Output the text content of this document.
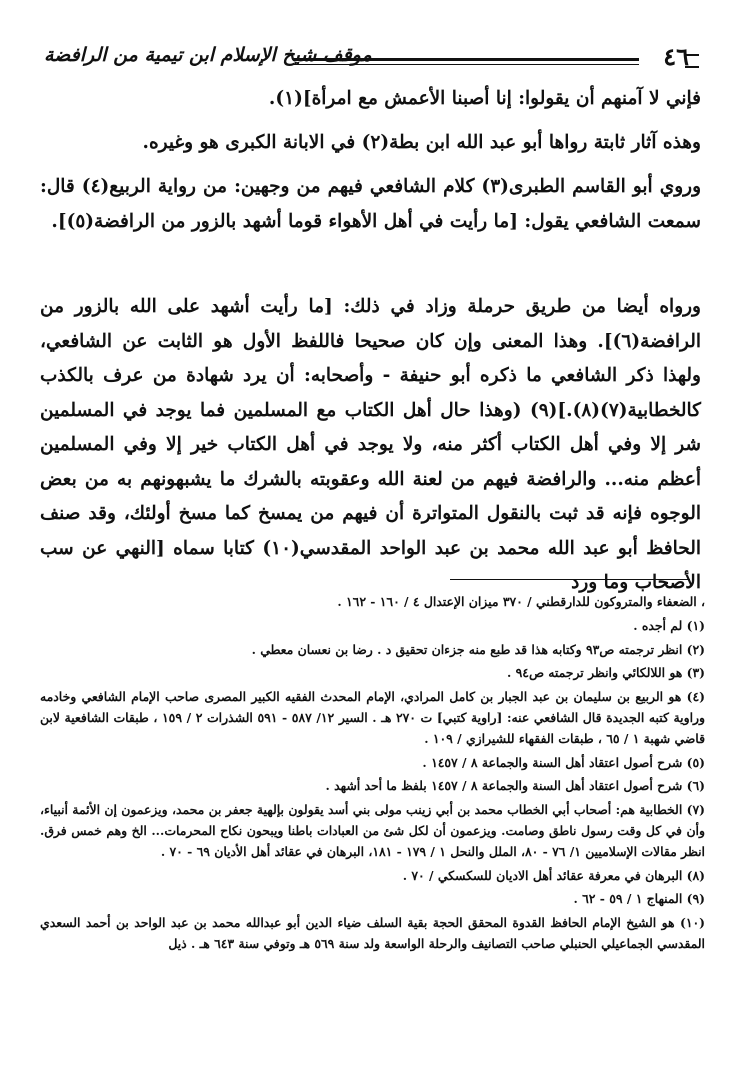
٤٦
موقف شيخ الإسلام ابن تيمية من الرافضة

فإني لا آمنهم أن يقولوا: إنا أصبنا الأعمش مع امرأة](١).

وهذه آثار ثابتة رواها أبو عبد الله ابن بطة(٢) في الابانة الكبرى هو وغيره.

وروي أبو القاسم الطبرى(٣) كلام الشافعي فيهم من وجهين: من رواية الربيع(٤) قال: سمعت الشافعي يقول: [ما رأيت في أهل الأهواء قوما أشهد بالزور من الرافضة(٥)].

ورواه أيضا من طريق حرملة وزاد في ذلك: [ما رأيت أشهد على الله بالزور من الرافضة(٦)]. وهذا المعنى وإن كان صحيحا فاللفظ الأول هو الثابت عن الشافعي، ولهذا ذكر الشافعي ما ذكره أبو حنيفة - وأصحابه: أن يرد شهادة من عرف بالكذب كالخطابية(٧)(٨).](٩) (وهذا حال أهل الكتاب مع المسلمين فما يوجد في المسلمين شر إلا وفي أهل الكتاب أكثر منه، ولا يوجد في أهل الكتاب خير إلا وفي المسلمين أعظم منه... والرافضة فيهم من لعنة الله وعقوبته بالشرك ما يشبهونهم به من بعض الوجوه فإنه قد ثبت بالنقول المتواترة أن فيهم من يمسخ كما مسخ أولئك، وقد صنف الحافظ أبو عبد الله محمد بن عبد الواحد المقدسي(١٠) كتابا سماه [النهي عن سب الأصحاب وما ورد

، الضعفاء والمتروكون للدارقطني / ٣٧٠ ميزان الإعتدال ٤ / ١٦٠ - ١٦٢ .

(١) لم أجده .

(٢) انظر ترجمته ص٩٣ وكتابه هذا قد طبع منه جزءان تحقيق د . رضا بن نعسان معطي .

(٣) هو اللالكائي وانظر ترجمته ص٩٤ .

(٤) هو الربيع بن سليمان بن عبد الجبار بن كامل المرادي، الإمام المحدث الفقيه الكبير المصرى صاحب الإمام الشافعي وخادمه وراوية كتبه الجديدة قال الشافعي عنه: [راوية كتبي] ت ٢٧٠ هـ . السير ١٢/ ٥٨٧ - ٥٩١ الشذرات ٢ / ١٥٩ ، طبقات الشافعية لابن قاضي شهبة ١ / ٦٥ ، طبقات الفقهاء للشيرازي / ١٠٩ .

(٥) شرح أصول اعتقاد أهل السنة والجماعة ٨ / ١٤٥٧ .

(٦) شرح أصول اعتقاد أهل السنة والجماعة ٨ / ١٤٥٧ بلفظ ما أحد أشهد .

(٧) الخطابية هم: أصحاب أبي الخطاب محمد بن أبي زينب مولى بني أسد يقولون بإلهية جعفر بن محمد، ويزعمون إن الأئمة أنبياء، وأن في كل وقت رسول ناطق وصامت. ويزعمون أن لكل شئ من العبادات باطنا ويبحون نكاح المحرمات... الخ وهم خمس فرق. انظر مقالات الإسلاميين ١/ ٧٦ - ٨٠، الملل والنحل ١ / ١٧٩ - ١٨١، البرهان في عقائد أهل الأديان ٦٩ - ٧٠ .

(٨) البرهان في معرفة عقائد أهل الاديان للسكسكي / ٧٠ .

(٩) المنهاج ١ / ٥٩ - ٦٢ .

(١٠) هو الشيخ الإمام الحافظ القدوة المحقق الحجة بقية السلف ضياء الدين أبو عبدالله محمد بن عبد الواحد بن أحمد السعدي المقدسي الجماعيلي الحنبلي صاحب التصانيف والرحلة الواسعة ولد سنة ٥٦٩ هـ وتوفي سنة ٦٤٣ هـ . ذيل
